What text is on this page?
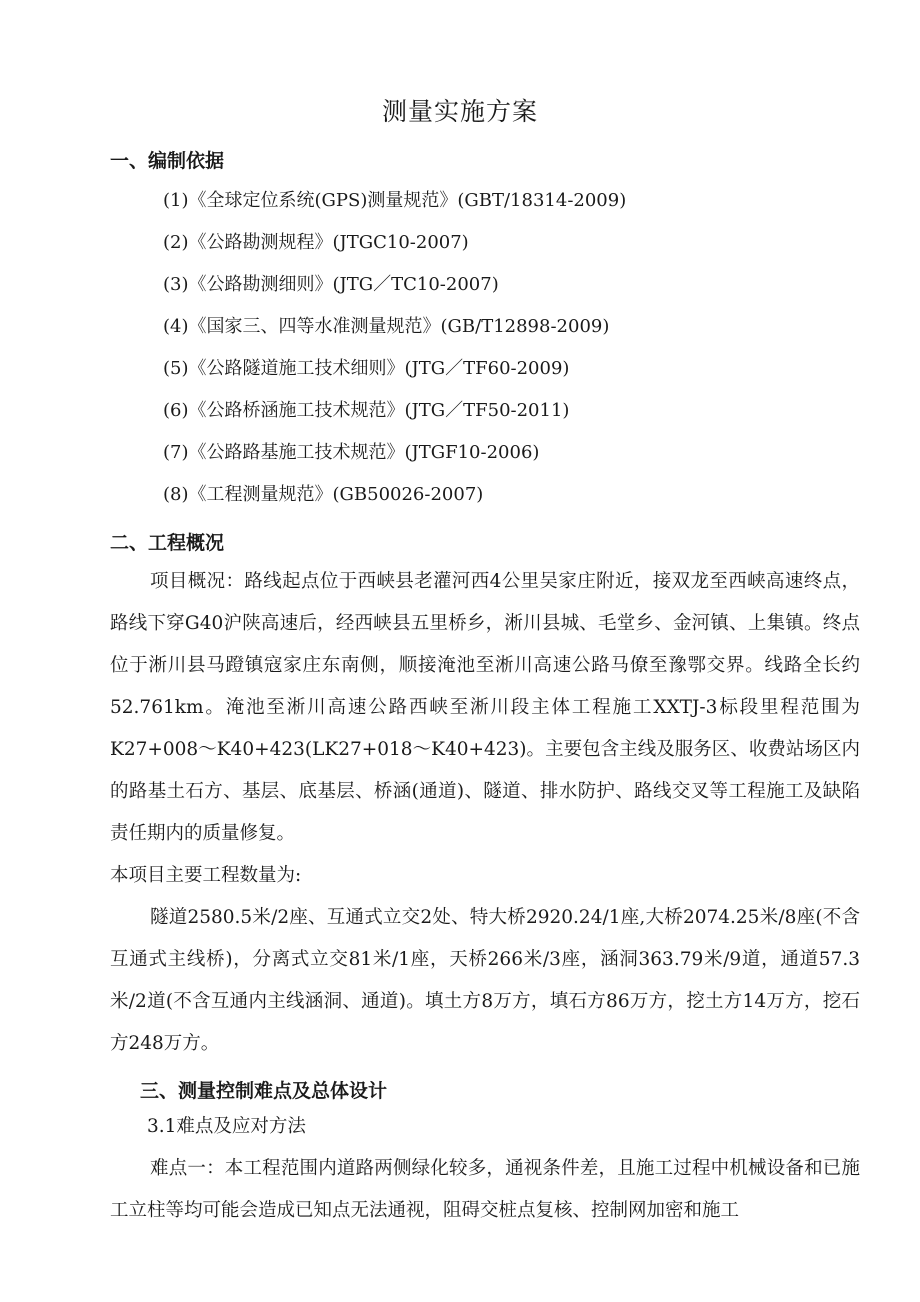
测量实施方案
一、编制依据
(1)《全球定位系统(GPS)测量规范》(GBT/18314-2009)
(2)《公路勘测规程》(JTGC10-2007)
(3)《公路勘测细则》(JTG／TC10-2007)
(4)《国家三、四等水准测量规范》(GB/T12898-2009)
(5)《公路隧道施工技术细则》(JTG／TF60-2009)
(6)《公路桥涵施工技术规范》(JTG／TF50-2011)
(7)《公路路基施工技术规范》(JTGF10-2006)
(8)《工程测量规范》(GB50026-2007)
二、工程概况

项目概况：路线起点位于西峡县老灌河西4公里吴家庄附近，接双龙至西峡高速终点，路线下穿G40沪陕高速后，经西峡县五里桥乡，淅川县城、毛堂乡、金河镇、上集镇。终点位于淅川县马蹬镇寇家庄东南侧，顺接淹池至淅川高速公路马僚至豫鄂交界。线路全长约52.761km。淹池至淅川高速公路西峡至淅川段主体工程施工XXTJ-3标段里程范围为K27+008～K40+423(LK27+018～K40+423)。主要包含主线及服务区、收费站场区内的路基土石方、基层、底基层、桥涵(通道)、隧道、排水防护、路线交叉等工程施工及缺陷责任期内的质量修复。

本项目主要工程数量为:

隧道2580.5米/2座、互通式立交2处、特大桥2920.24/1座,大桥2074.25米/8座(不含互通式主线桥)，分离式立交81米/1座，天桥266米/3座，涵洞363.79米/9道，通道57.3米/2道(不含互通内主线涵洞、通道)。填土方8万方，填石方86万方，挖土方14万方，挖石方248万方。

三、测量控制难点及总体设计
3.1难点及应对方法

难点一：本工程范围内道路两侧绿化较多，通视条件差，且施工过程中机械设备和已施工立柱等均可能会造成已知点无法通视，阻碍交桩点复核、控制网加密和施工
